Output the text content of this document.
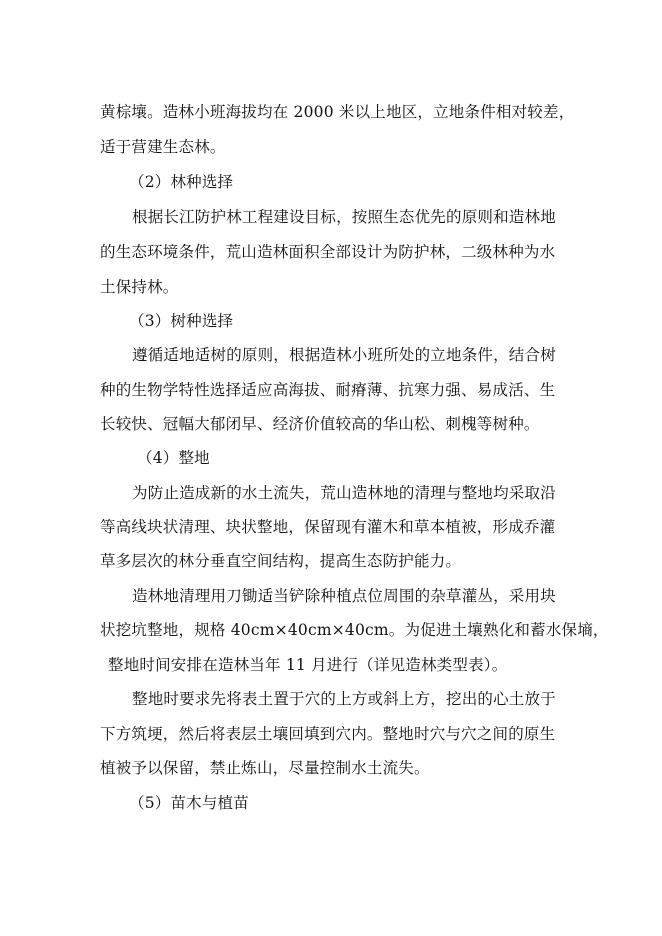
黄棕壤。造林小班海拔均在 2000 米以上地区，立地条件相对较差，
适于营建生态林。
（2）林种选择
根据长江防护林工程建设目标，按照生态优先的原则和造林地
的生态环境条件，荒山造林面积全部设计为防护林，二级林种为水
土保持林。
（3）树种选择
遵循适地适树的原则，根据造林小班所处的立地条件，结合树
种的生物学特性选择适应高海拔、耐瘠薄、抗寒力强、易成活、生
长较快、冠幅大郁闭早、经济价值较高的华山松、刺槐等树种。
（4）整地
为防止造成新的水土流失，荒山造林地的清理与整地均采取沿
等高线块状清理、块状整地，保留现有灌木和草本植被，形成乔灌
草多层次的林分垂直空间结构，提高生态防护能力。
造林地清理用刀锄适当铲除种植点位周围的杂草灌丛，采用块
状挖坑整地，规格 40cm×40cm×40cm。为促进土壤熟化和蓄水保墒，
整地时间安排在造林当年 11 月进行（详见造林类型表）。
整地时要求先将表土置于穴的上方或斜上方，挖出的心土放于
下方筑埂，然后将表层土壤回填到穴内。整地时穴与穴之间的原生
植被予以保留，禁止炼山，尽量控制水土流失。
（5）苗木与植苗
